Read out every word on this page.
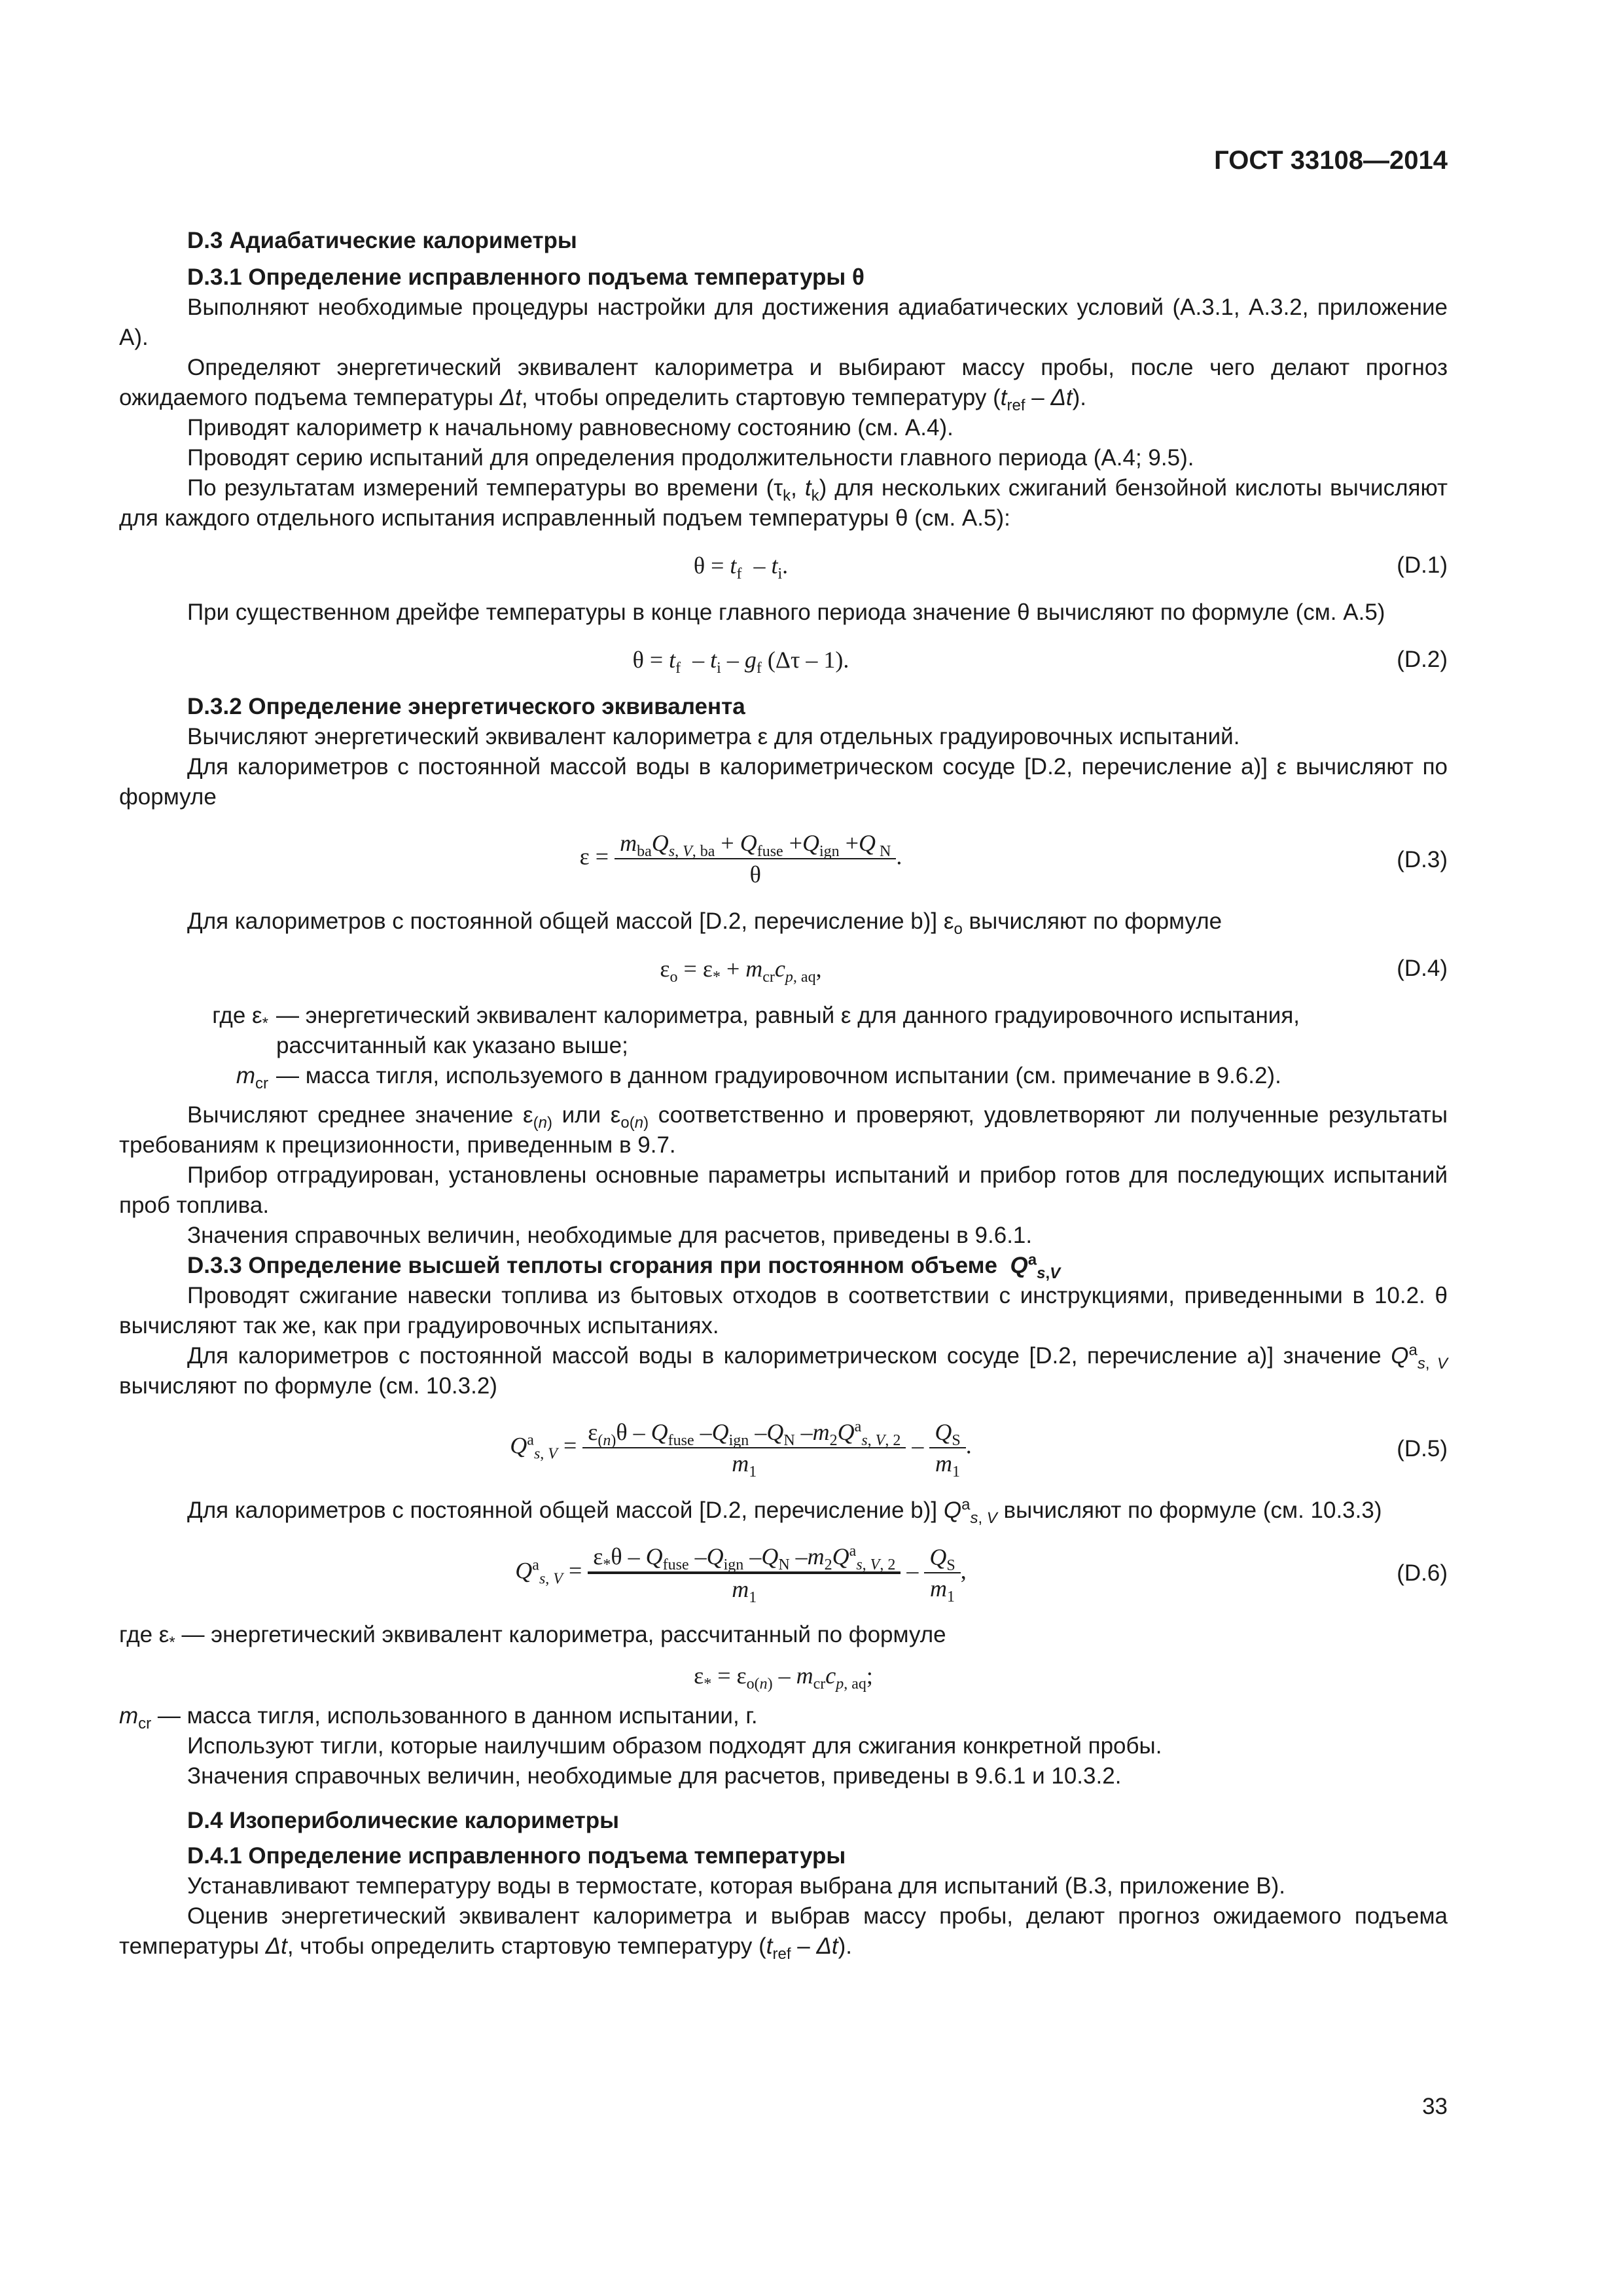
ГОСТ 33108—2014
D.3 Адиабатические калориметры
D.3.1 Определение исправленного подъема температуры θ

Выполняют необходимые процедуры настройки для достижения адиабатических условий (А.3.1, А.3.2, приложение А).

Определяют энергетический эквивалент калориметра и выбирают массу пробы, после чего делают прогноз ожидаемого подъема температуры Δt, чтобы определить стартовую температуру $(t_{ref} - \Delta t)$.

Приводят калориметр к начальному равновесному состоянию (см. А.4).

Проводят серию испытаний для определения продолжительности главного периода (А.4; 9.5).

По результатам измерений температуры во времени ($\tau_k$, $t_k$) для нескольких сжиганий бензойной кислоты вычисляют для каждого отдельного испытания исправленный подъем температуры θ (см. А.5):

$\theta = t_f - t_i$.	(D.1)

При существенном дрейфе температуры в конце главного периода значение θ вычисляют по формуле (см. А.5)

$\theta = t_f - t_i - g_f$ (Δτ – 1).	(D.2)
D.3.2 Определение энергетического эквивалента

Вычисляют энергетический эквивалент калориметра ε для отдельных градуировочных испытаний.

Для калориметров с постоянной массой воды в калориметрическом сосуде [D.2, перечисление а)] ε вычисляют по формуле

$\varepsilon = \frac{m_{ba}Q_{s, V, ba} + Q_{fuse} +Q_{ign} +Q _N}{\theta}$ .	(D.3)

Для калориметров с постоянной общей массой [D.2, перечисление b)] $\varepsilon_o$ вычисляют по формуле

$\varepsilon_o = \varepsilon_* + m_{cr}c_{p, aq}$,	(D.4)
где $\varepsilon_*$ — энергетический эквивалент калориметра, равный ε для данного градуировочного испытания, рассчитанный как указано выше;
$m_{cr}$ — масса тигля, используемого в данном градуировочном испытании (см. примечание в 9.6.2).

Вычисляют среднее значение $\varepsilon_{(n)}$ или $\varepsilon_{o(n)}$ соответственно и проверяют, удовлетворяют ли полученные результаты требованиям к прецизионности, приведенным в 9.7.

Прибор отградуирован, установлены основные параметры испытаний и прибор готов для последующих испытаний проб топлива.

Значения справочных величин, необходимые для расчетов, приведены в 9.6.1.

D.3.3 Определение высшей теплоты сгорания при постоянном объеме $Q^a_{s,V}$

Проводят сжигание навески топлива из бытовых отходов в соответствии с инструкциями, приведенными в 10.2. θ вычисляют так же, как при градуировочных испытаниях.

Для калориметров с постоянной массой воды в калориметрическом сосуде [D.2, перечисление а)] значение $Q^a_{s, V}$ вычисляют по формуле (см. 10.3.2)

$Q^a_{s, V} = \frac{\varepsilon_{(n)}\theta - Q_{fuse} -Q_{ign} -Q_N -m_2Q^a_{s, V, 2}}{m_1} - \frac{Q_S}{m_1}$ .	(D.5)

Для калориметров с постоянной общей массой [D.2, перечисление b)] $Q^a_{s, V}$ вычисляют по формуле (см. 10.3.3)

$Q^a_{s, V} = \frac{\varepsilon_*\theta - Q_{fuse} -Q_{ign} -Q_N -m_2Q^a_{s, V, 2}}{m_1} - \frac{Q_S}{m_1}$ ,	(D.6)
где $\varepsilon_*$ — энергетический эквивалент калориметра, рассчитанный по формуле
$\varepsilon_* = \varepsilon_{o(n)} - m_{cr}c_{p, aq}$;
$m_{cr}$ — масса тигля, использованного в данном испытании, г.

Используют тигли, которые наилучшим образом подходят для сжигания конкретной пробы.

Значения справочных величин, необходимые для расчетов, приведены в 9.6.1 и 10.3.2.

D.4 Изопериболические калориметры
D.4.1 Определение исправленного подъема температуры

Устанавливают температуру воды в термостате, которая выбрана для испытаний (В.3, приложение В).

Оценив энергетический эквивалент калориметра и выбрав массу пробы, делают прогноз ожидаемого подъема температуры Δt, чтобы определить стартовую температуру $(t_{ref} - \Delta t)$.

33
